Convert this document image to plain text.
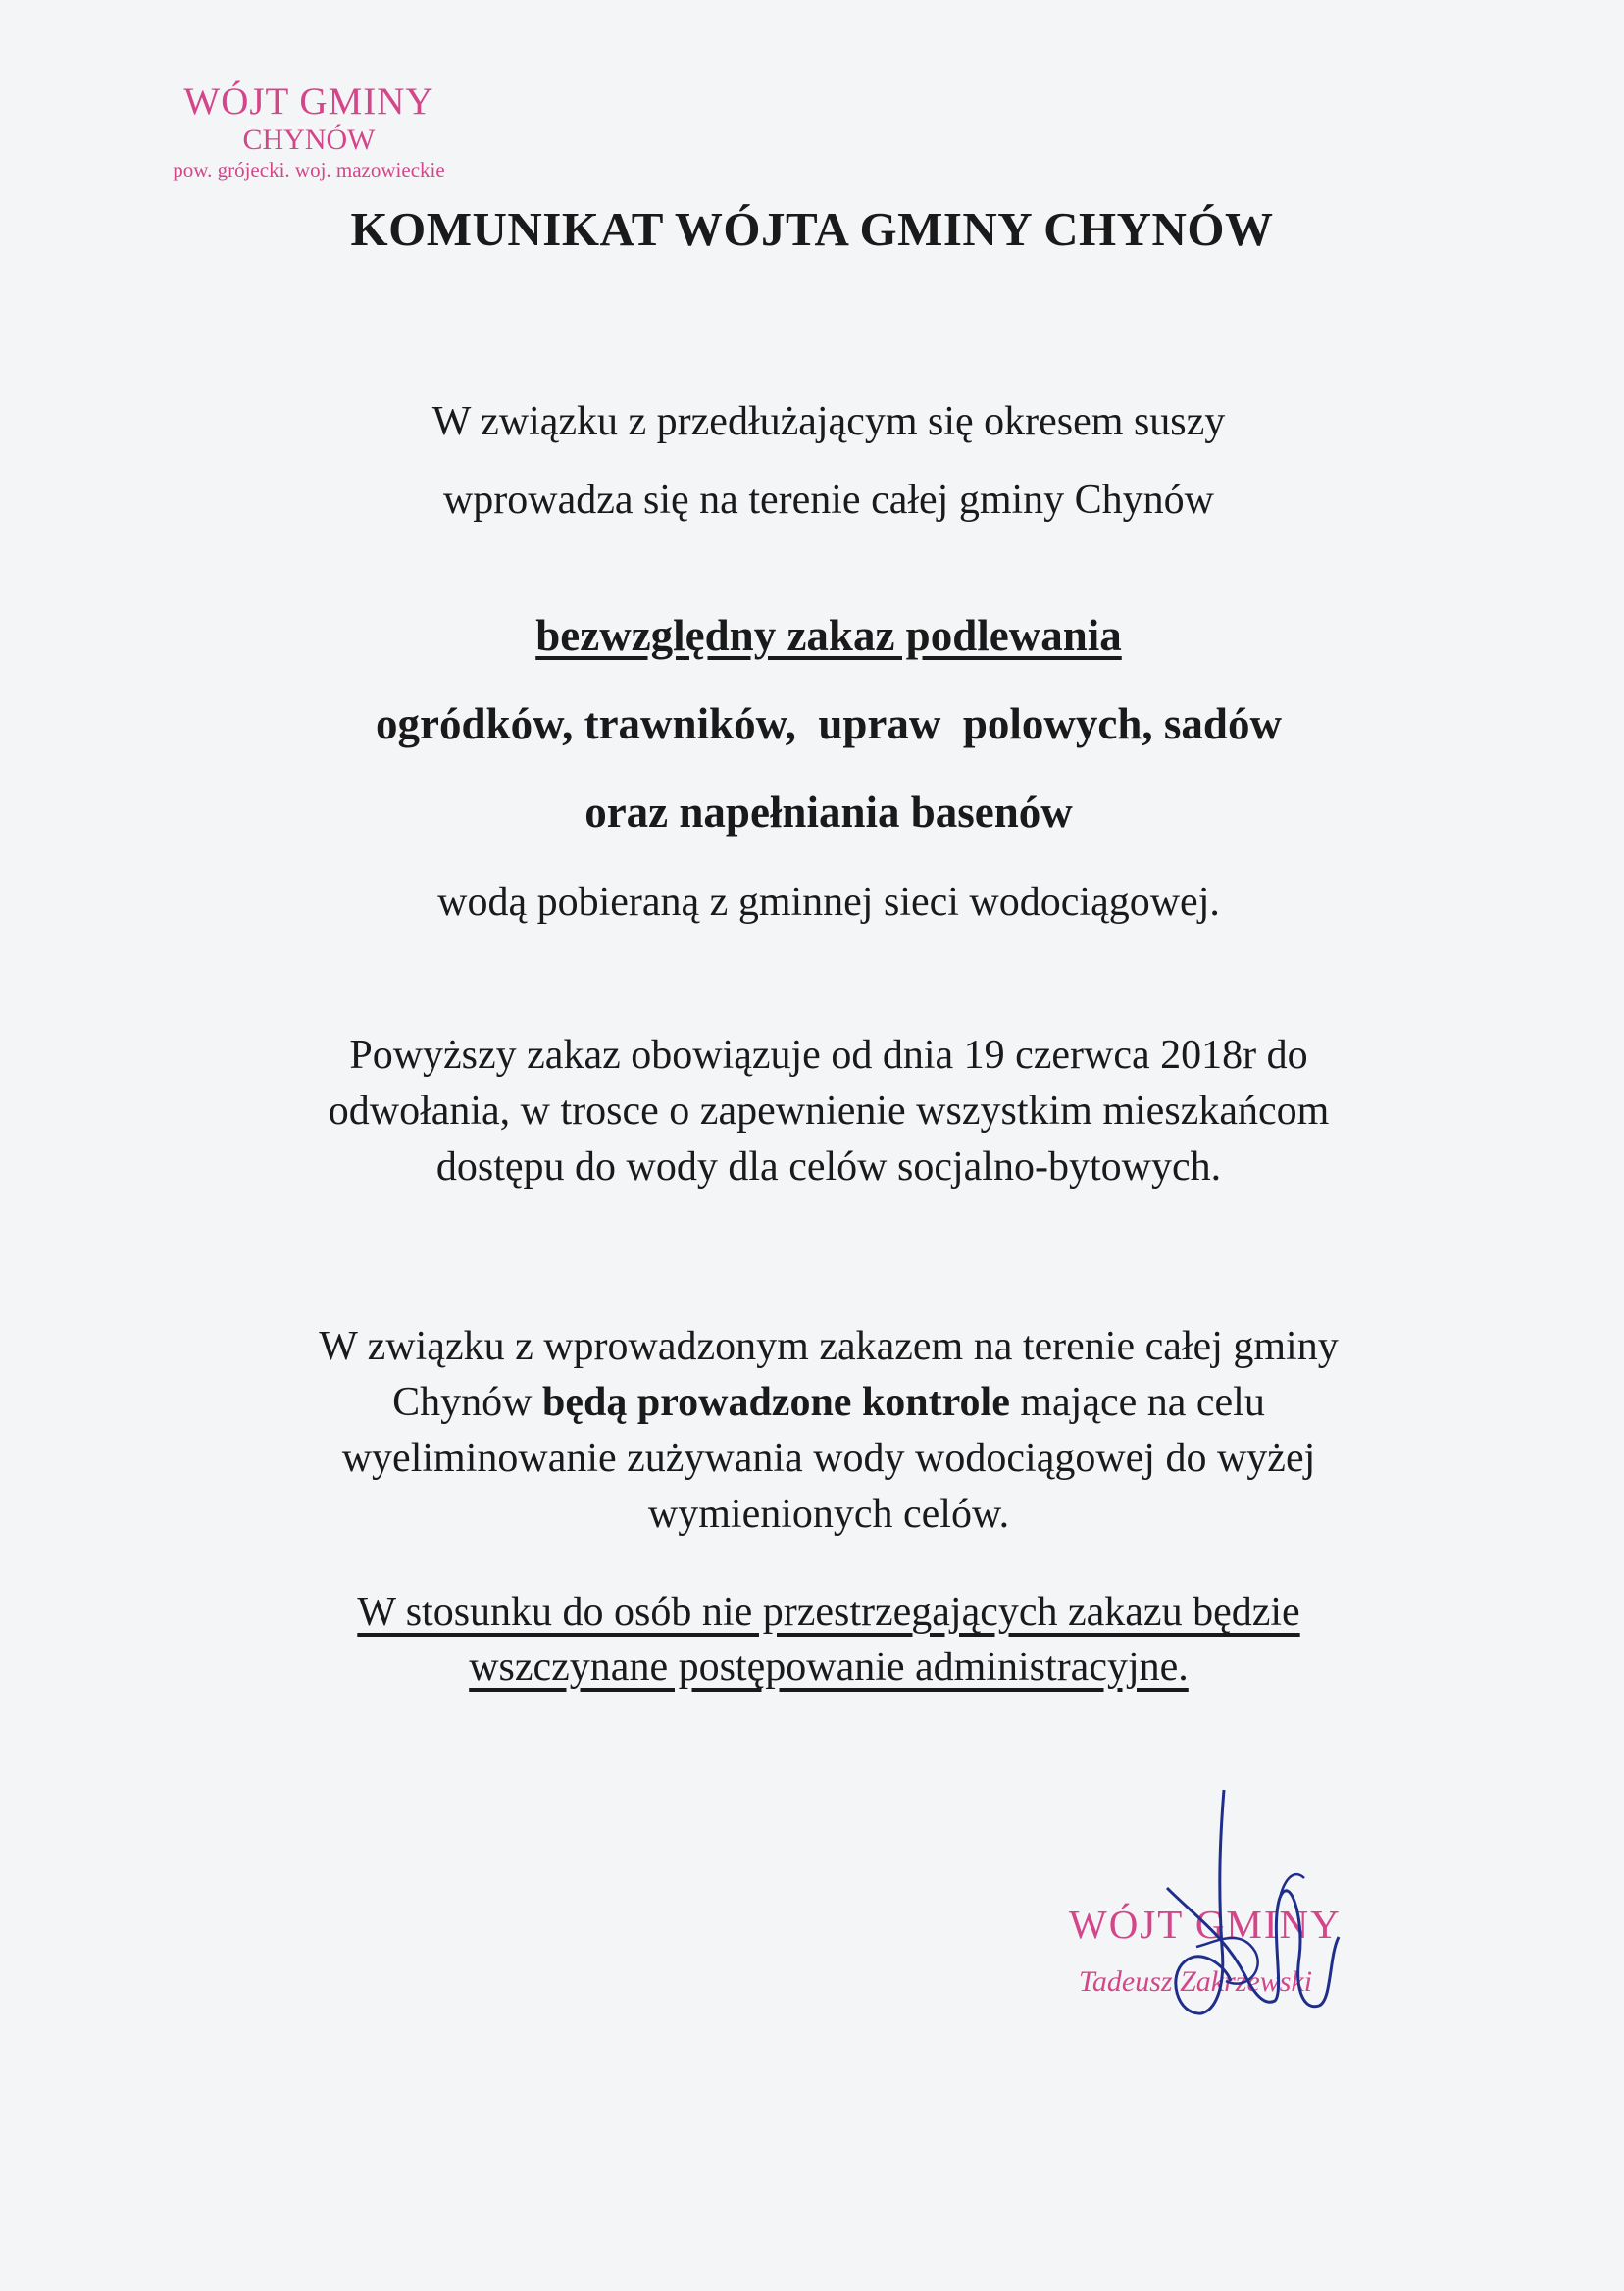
WÓJT GMINY
CHYNÓW
pow. grójecki. woj. mazowieckie
KOMUNIKAT WÓJTA GMINY CHYNÓW
W związku z przedłużającym się okresem suszy
wprowadza się na terenie całej gminy Chynów
bezwzględny zakaz podlewania
ogródków, trawników,  upraw  polowych, sadów
oraz napełniania basenów
wodą pobieraną z gminnej sieci wodociągowej.
Powyższy zakaz obowiązuje od dnia 19 czerwca 2018r do
odwołania, w trosce o zapewnienie wszystkim mieszkańcom
dostępu do wody dla celów socjalno-bytowych.
W związku z wprowadzonym zakazem na terenie całej gminy
Chynów będą prowadzone kontrole mające na celu
wyeliminowanie zużywania wody wodociągowej do wyżej
wymienionych celów.
W stosunku do osób nie przestrzegających zakazu będzie
wszczynane postępowanie administracyjne.
WÓJT GMINY
Tadeusz Zakrzewski
